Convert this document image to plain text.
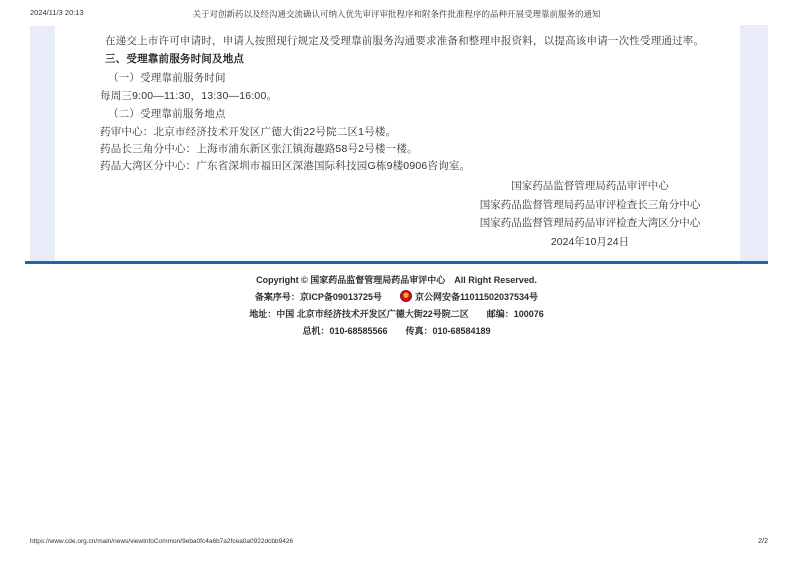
2024/11/3 20:13	关于对创新药以及经沟通交流确认可纳入优先审评审批程序和附条件批准程序的品种开展受理靠前服务的通知
在递交上市许可申请时，申请人按照现行规定及受理靠前服务沟通要求准备和整理申报资料，以提高该申请一次性受理通过率。
三、受理靠前服务时间及地点
（一）受理靠前服务时间
每周三9:00—11:30，13:30—16:00。
（二）受理靠前服务地点
药审中心：北京市经济技术开发区广德大街22号院二区1号楼。
药品长三角分中心：上海市浦东新区张江镇海趣路58号2号楼一楼。
药品大湾区分中心：广东省深圳市福田区深港国际科技园G栋9楼0906咨询室。
国家药品监督管理局药品审评中心
国家药品监督管理局药品审评检查长三角分中心
国家药品监督管理局药品审评检查大湾区分中心
2024年10月24日
Copyright © 国家药品监督管理局药品审评中心　All Right Reserved.
备案序号：京ICP备09013725号	京公网安备11011502037534号
地址：中国 北京市经济技术开发区广德大街22号院二区 邮编：100076
总机：010-68585566 传真：010-68584189
https://www.cde.org.cn/main/news/viewInfoCommon/9eba0fc4a6b7a2fcea0a0922dcbb9426	2/2
